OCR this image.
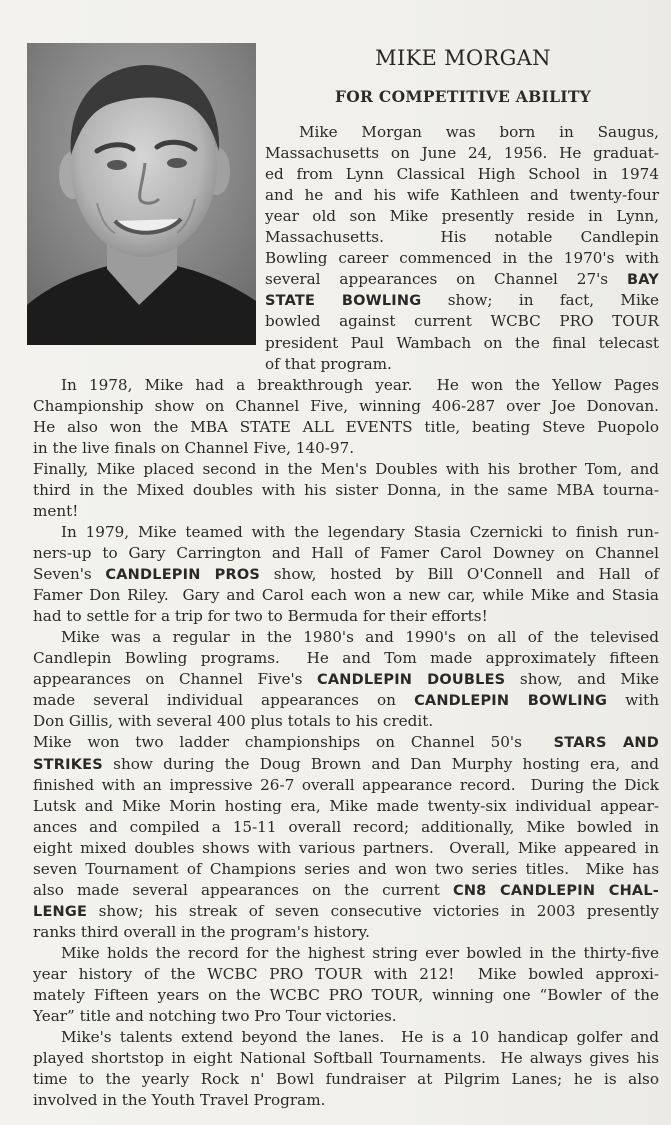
MIKE MORGAN
FOR COMPETITIVE ABILITY

Mike Morgan was born in Saugus,

Massachusetts on June 24, 1956. He graduat-

ed from Lynn Classical High School in 1974

and he and his wife Kathleen and twenty-four

year old son Mike presently reside in Lynn,

Massachusetts.  His notable Candlepin

Bowling career commenced in the 1970's with

several appearances on Channel 27's BAY

STATE BOWLING show; in fact, Mike

bowled against current WCBC PRO TOUR

president Paul Wambach on the final telecast

of that program.

In 1978, Mike had a breakthrough year.  He won the Yellow Pages

Championship show on Channel Five, winning 406-287 over Joe Donovan.

He also won the MBA STATE ALL EVENTS title, beating Steve Puopolo

in the live finals on Channel Five, 140-97.

Finally, Mike placed second in the Men's Doubles with his brother Tom, and

third in the Mixed doubles with his sister Donna, in the same MBA tourna-

ment!

In 1979, Mike teamed with the legendary Stasia Czernicki to finish run-

ners-up to Gary Carrington and Hall of Famer Carol Downey on Channel

Seven's CANDLEPIN PROS show, hosted by Bill O'Connell and Hall of

Famer Don Riley.  Gary and Carol each won a new car, while Mike and Stasia

had to settle for a trip for two to Bermuda for their efforts!

Mike was a regular in the 1980's and 1990's on all of the televised

Candlepin Bowling programs.  He and Tom made approximately fifteen

appearances on Channel Five's CANDLEPIN DOUBLES show, and Mike

made several individual appearances on CANDLEPIN BOWLING with

Don Gillis, with several 400 plus totals to his credit.

Mike won two ladder championships on Channel 50's  STARS AND

STRIKES show during the Doug Brown and Dan Murphy hosting era, and

finished with an impressive 26-7 overall appearance record.  During the Dick

Lutsk and Mike Morin hosting era, Mike made twenty-six individual appear-

ances and compiled a 15-11 overall record; additionally, Mike bowled in

eight mixed doubles shows with various partners.  Overall, Mike appeared in

seven Tournament of Champions series and won two series titles.  Mike has

also made several appearances on the current CN8 CANDLEPIN CHAL-

LENGE show; his streak of seven consecutive victories in 2003 presently

ranks third overall in the program's history.

Mike holds the record for the highest string ever bowled in the thirty-five

year history of the WCBC PRO TOUR with 212!  Mike bowled approxi-

mately Fifteen years on the WCBC PRO TOUR, winning one “Bowler of the

Year” title and notching two Pro Tour victories.

Mike's talents extend beyond the lanes.  He is a 10 handicap golfer and

played shortstop in eight National Softball Tournaments.  He always gives his

time to the yearly Rock n' Bowl fundraiser at Pilgrim Lanes; he is also

involved in the Youth Travel Program.
